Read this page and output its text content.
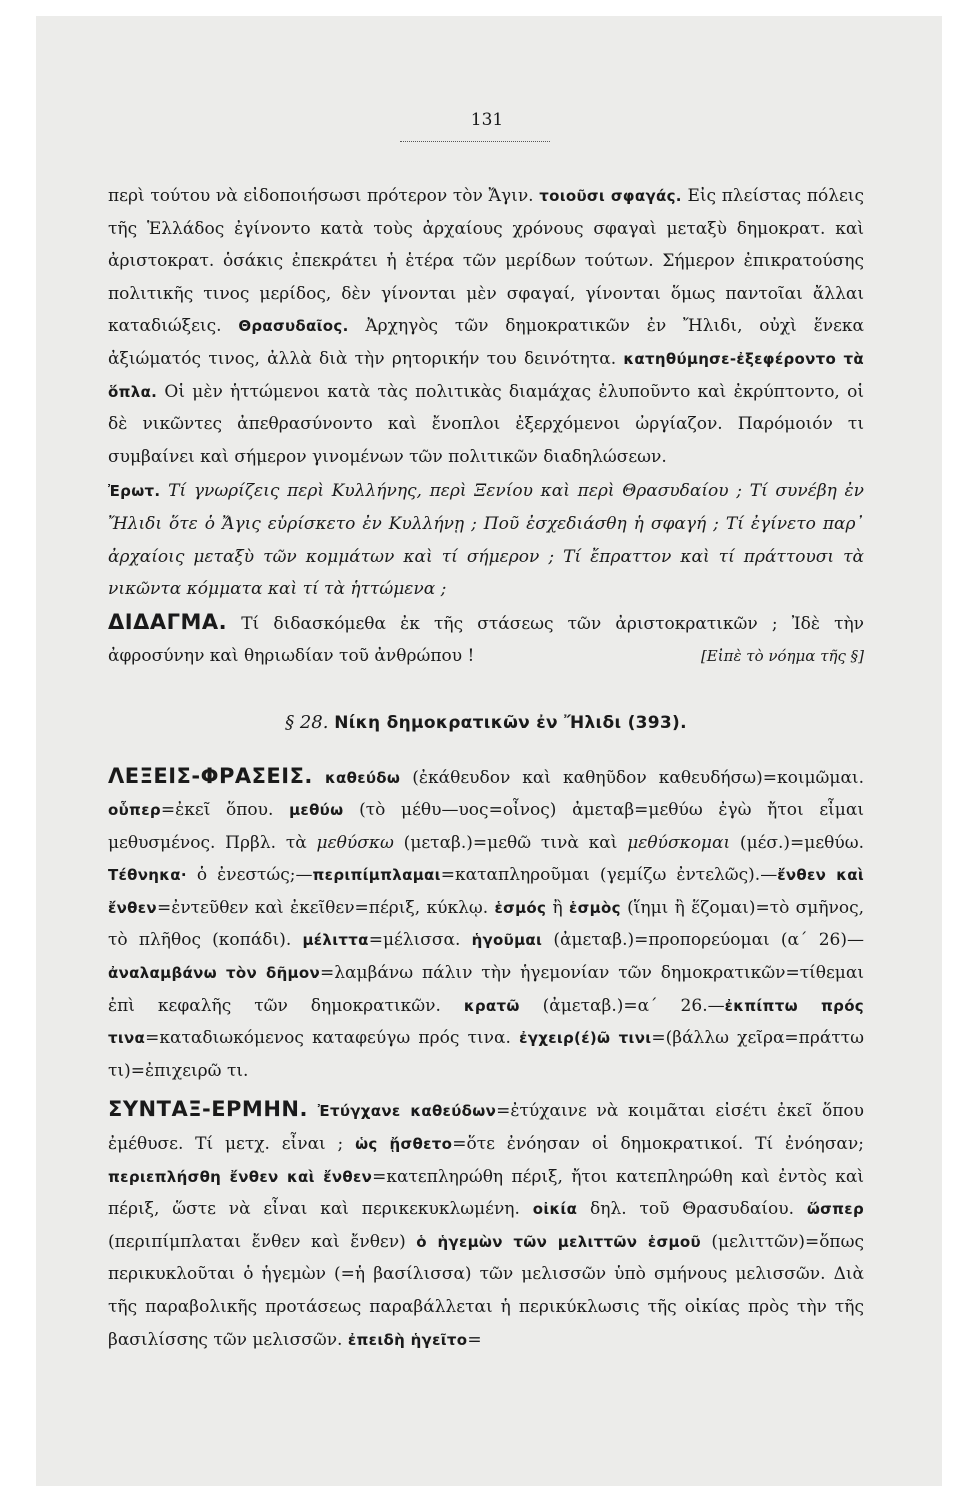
131

περὶ τούτου νὰ εἰδοποιήσωσι πρότερον τὸν Ἄγιν. τοιοῦσι σφαγάς. Εἰς πλείστας πόλεις τῆς Ἑλλάδος ἐγίνοντο κατὰ τοὺς ἀρχαίους χρόνους σφαγαὶ μεταξὺ δημοκρατ. καὶ ἀριστοκρατ. ὁσάκις ἐπεκράτει ἡ ἑτέρα τῶν μερίδων τούτων. Σήμερον ἐπικρατούσης πολιτικῆς τινος μερίδος, δὲν γίνονται μὲν σφαγαί, γίνονται ὅμως παντοῖαι ἄλλαι καταδιώξεις. Θρασυδαῖος. Ἀρχηγὸς τῶν δημοκρατικῶν ἐν Ἤλιδι, οὐχὶ ἕνεκα ἀξιώματός τινος, ἀλλὰ διὰ τὴν ρητορικήν του δεινότητα. κατηθύμησε-ἐξεφέροντο τὰ ὅπλα. Οἱ μὲν ἡττώμενοι κατὰ τὰς πολιτικὰς διαμάχας ἐλυποῦντο καὶ ἐκρύπτοντο, οἱ δὲ νικῶντες ἀπεθρασύνοντο καὶ ἔνοπλοι ἐξερχόμενοι ὠργίαζον. Παρόμοιόν τι συμβαίνει καὶ σήμερον γινομένων τῶν πολιτικῶν διαδηλώσεων.

Ἐρωτ. Τί γνωρίζεις περὶ Κυλλήνης, περὶ Ξενίου καὶ περὶ Θρασυδαίου ; Τί συνέβη ἐν Ἤλιδι ὅτε ὁ Ἄγις εὑρίσκετο ἐν Κυλλήνῃ ; Ποῦ ἐσχεδιάσθη ἡ σφαγή ; Τί ἐγίνετο παρ᾽ ἀρχαίοις μεταξὺ τῶν κομμάτων καὶ τί σήμερον ; Τί ἔπραττον καὶ τί πράττουσι τὰ νικῶντα κόμματα καὶ τί τὰ ἡττώμενα ;

ΔΙΔΑΓΜΑ. Τί διδασκόμεθα ἐκ τῆς στάσεως τῶν ἀριστοκρατικῶν ; Ἰδὲ τὴν ἀφροσύνην καὶ θηριωδίαν τοῦ ἀνθρώπου !	[Εἰπὲ τὸ νόημα τῆς §]

§ 28. Νίκη δημοκρατικῶν ἐν Ἤλιδι (393).

ΛΕΞΕΙΣ-ΦΡΑΣΕΙΣ. καθεύδω (ἐκάθευδον καὶ καθηῦδον καθευδήσω)=κοιμῶμαι. οὗπερ=ἐκεῖ ὅπου. μεθύω (τὸ μέθυ—υος=οἶνος) ἀμεταβ=μεθύω ἐγὼ ἤτοι εἶμαι μεθυσμένος. Πρβλ. τὰ μεθύσκω (μεταβ.)=μεθῶ τινὰ καὶ μεθύσκομαι (μέσ.)=μεθύω. Τέθνηκα· ὁ ἐνεστώς;—περιπίμπλαμαι=καταπληροῦμαι (γεμίζω ἐντελῶς).—ἔνθεν καὶ ἔνθεν=ἐντεῦθεν καὶ ἐκεῖθεν=πέριξ, κύκλῳ. ἑσμός ἢ ἑσμὸς (ἵημι ἢ ἕζομαι)=τὸ σμῆνος, τὸ πλῆθος (κοπάδι). μέλιττα=μέλισσα. ἡγοῦμαι (ἀμεταβ.)=προπορεύομαι (α΄ 26)—ἀναλαμβάνω τὸν δῆμον=λαμβάνω πάλιν τὴν ἡγεμονίαν τῶν δημοκρατικῶν=τίθεμαι ἐπὶ κεφαλῆς τῶν δημοκρατικῶν. κρατῶ (ἀμεταβ.)=α΄ 26.—ἐκπίπτω πρός τινα=καταδιωκόμενος καταφεύγω πρός τινα. ἐγχειρ(έ)ῶ τινι=(βάλλω χεῖρα=πράττω τι)=ἐπιχειρῶ τι.

ΣΥΝΤΑΞ-ΕΡΜΗΝ. Ἐτύγχανε καθεύδων=ἐτύχαινε νὰ κοιμᾶται εἰσέτι ἐκεῖ ὅπου ἐμέθυσε. Τί μετχ. εἶναι ; ὡς ᾔσθετο=ὅτε ἐνόησαν οἱ δημοκρατικοί. Τί ἐνόησαν; περιεπλήσθη ἔνθεν καὶ ἔνθεν=κατεπληρώθη πέριξ, ἤτοι κατεπληρώθη καὶ ἐντὸς καὶ πέριξ, ὥστε νὰ εἶναι καὶ περικεκυκλωμένη. οἰκία δηλ. τοῦ Θρασυδαίου. ὥσπερ (περιπίμπλαται ἔνθεν καὶ ἔνθεν) ὁ ἡγεμὼν τῶν μελιττῶν ἑσμοῦ (μελιττῶν)=ὅπως περικυκλοῦται ὁ ἡγεμὼν (=ἡ βασίλισσα) τῶν μελισσῶν ὑπὸ σμήνους μελισσῶν. Διὰ τῆς παραβολικῆς προτάσεως παραβάλλεται ἡ περικύκλωσις τῆς οἰκίας πρὸς τὴν τῆς βασιλίσσης τῶν μελισσῶν. ἐπειδὴ ἡγεῖτο=
